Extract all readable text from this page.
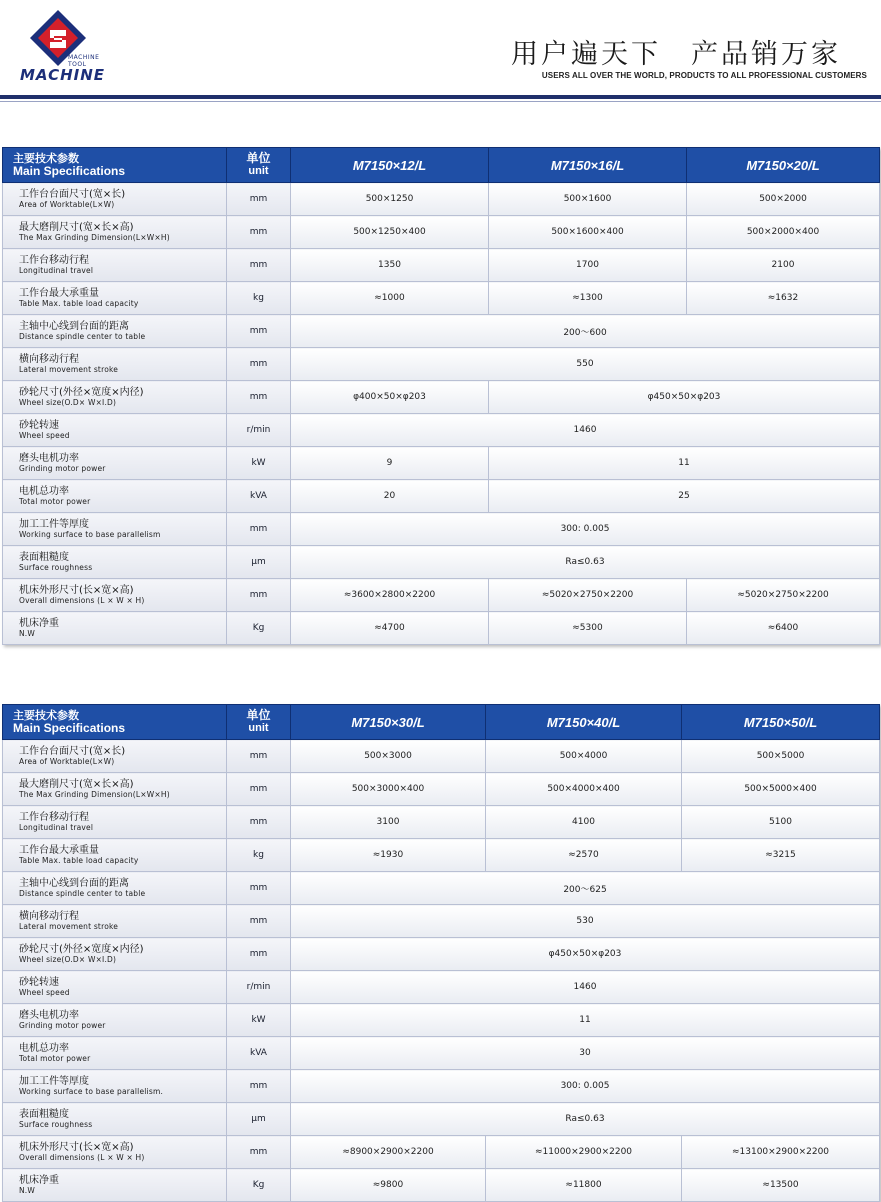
MACHINE TOOL
MACHINE
用户遍天下　产品销万家
USERS ALL OVER THE WORLD, PRODUCTS TO ALL PROFESSIONAL CUSTOMERS
主要技术参数
Main Specifications	单位
unit	M7150×12/L	M7150×16/L	M7150×20/L

工作台台面尺寸(宽×长)
Area of Worktable(L×W)	mm	500×1250	500×1600	500×2000

最大磨削尺寸(宽×长×高)
The Max Grinding Dimension(L×W×H)	mm	500×1250×400	500×1600×400	500×2000×400

工作台移动行程
Longitudinal travel	mm	1350	1700	2100

工作台最大承重量
Table Max. table load capacity	kg	≈1000	≈1300	≈1632

主轴中心线到台面的距离
Distance spindle center to table	mm	200～600		

横向移动行程
Lateral movement stroke	mm	550		

砂轮尺寸(外径×宽度×内径)
Wheel size(O.D× W×I.D)	mm	φ400×50×φ203	φ450×50×φ203	

砂轮转速
Wheel speed	r/min	1460		

磨头电机功率
Grinding motor power	kW	9	11	

电机总功率
Total motor power	kVA	20	25	

加工工件等厚度
Working surface to base parallelism	mm	300: 0.005		

表面粗糙度
Surface roughness	μm	Ra≤0.63		

机床外形尺寸(长×宽×高)
Overall dimensions (L × W × H)	mm	≈3600×2800×2200	≈5020×2750×2200	≈5020×2750×2200

机床净重
N.W	Kg	≈4700	≈5300	≈6400
主要技术参数
Main Specifications	单位
unit	M7150×30/L	M7150×40/L	M7150×50/L

工作台台面尺寸(宽×长)
Area of Worktable(L×W)	mm	500×3000	500×4000	500×5000

最大磨削尺寸(宽×长×高)
The Max Grinding Dimension(L×W×H)	mm	500×3000×400	500×4000×400	500×5000×400

工作台移动行程
Longitudinal travel	mm	3100	4100	5100

工作台最大承重量
Table Max. table load capacity	kg	≈1930	≈2570	≈3215

主轴中心线到台面的距离
Distance spindle center to table	mm	200～625		

横向移动行程
Lateral movement stroke	mm	530		

砂轮尺寸(外径×宽度×内径)
Wheel size(O.D× W×I.D)	mm	φ450×50×φ203		

砂轮转速
Wheel speed	r/min	1460		

磨头电机功率
Grinding motor power	kW	11		

电机总功率
Total motor power	kVA	30		

加工工件等厚度
Working surface to base parallelism.	mm	300: 0.005		

表面粗糙度
Surface roughness	μm	Ra≤0.63		

机床外形尺寸(长×宽×高)
Overall dimensions (L × W × H)	mm	≈8900×2900×2200	≈11000×2900×2200	≈13100×2900×2200

机床净重
N.W	Kg	≈9800	≈11800	≈13500
